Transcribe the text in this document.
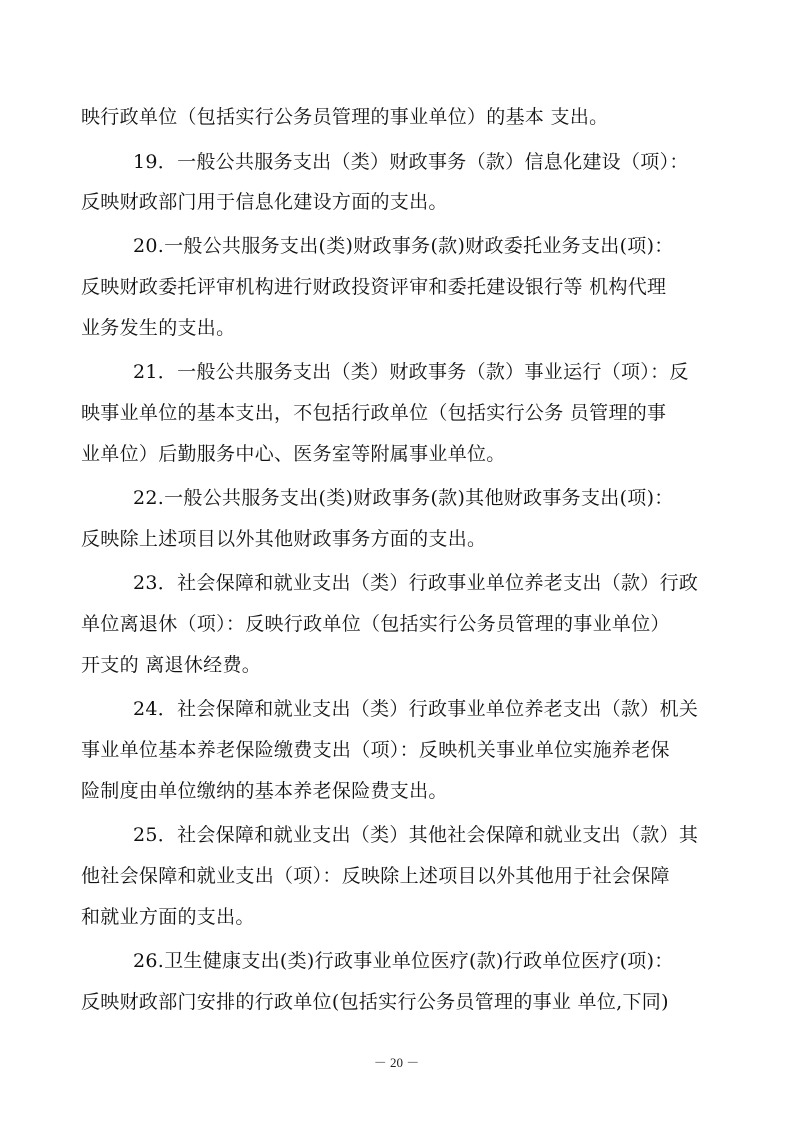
映行政单位（包括实行公务员管理的事业单位）的基本 支出。
19．一般公共服务支出（类）财政事务（款）信息化建设（项）：
反映财政部门用于信息化建设方面的支出。
20.一般公共服务支出(类)财政事务(款)财政委托业务支出(项)：
反映财政委托评审机构进行财政投资评审和委托建设银行等 机构代理
业务发生的支出。
21．一般公共服务支出（类）财政事务（款）事业运行（项）：反
映事业单位的基本支出，不包括行政单位（包括实行公务 员管理的事
业单位）后勤服务中心、医务室等附属事业单位。
22.一般公共服务支出(类)财政事务(款)其他财政事务支出(项)：
反映除上述项目以外其他财政事务方面的支出。
23．社会保障和就业支出（类）行政事业单位养老支出（款）行政
单位离退休（项）：反映行政单位（包括实行公务员管理的事业单位）
开支的 离退休经费。
24．社会保障和就业支出（类）行政事业单位养老支出（款）机关
事业单位基本养老保险缴费支出（项）：反映机关事业单位实施养老保
险制度由单位缴纳的基本养老保险费支出。
25．社会保障和就业支出（类）其他社会保障和就业支出（款）其
他社会保障和就业支出（项）：反映除上述项目以外其他用于社会保障
和就业方面的支出。
26.卫生健康支出(类)行政事业单位医疗(款)行政单位医疗(项)：
反映财政部门安排的行政单位(包括实行公务员管理的事业 单位,下同)
－ 20 －
